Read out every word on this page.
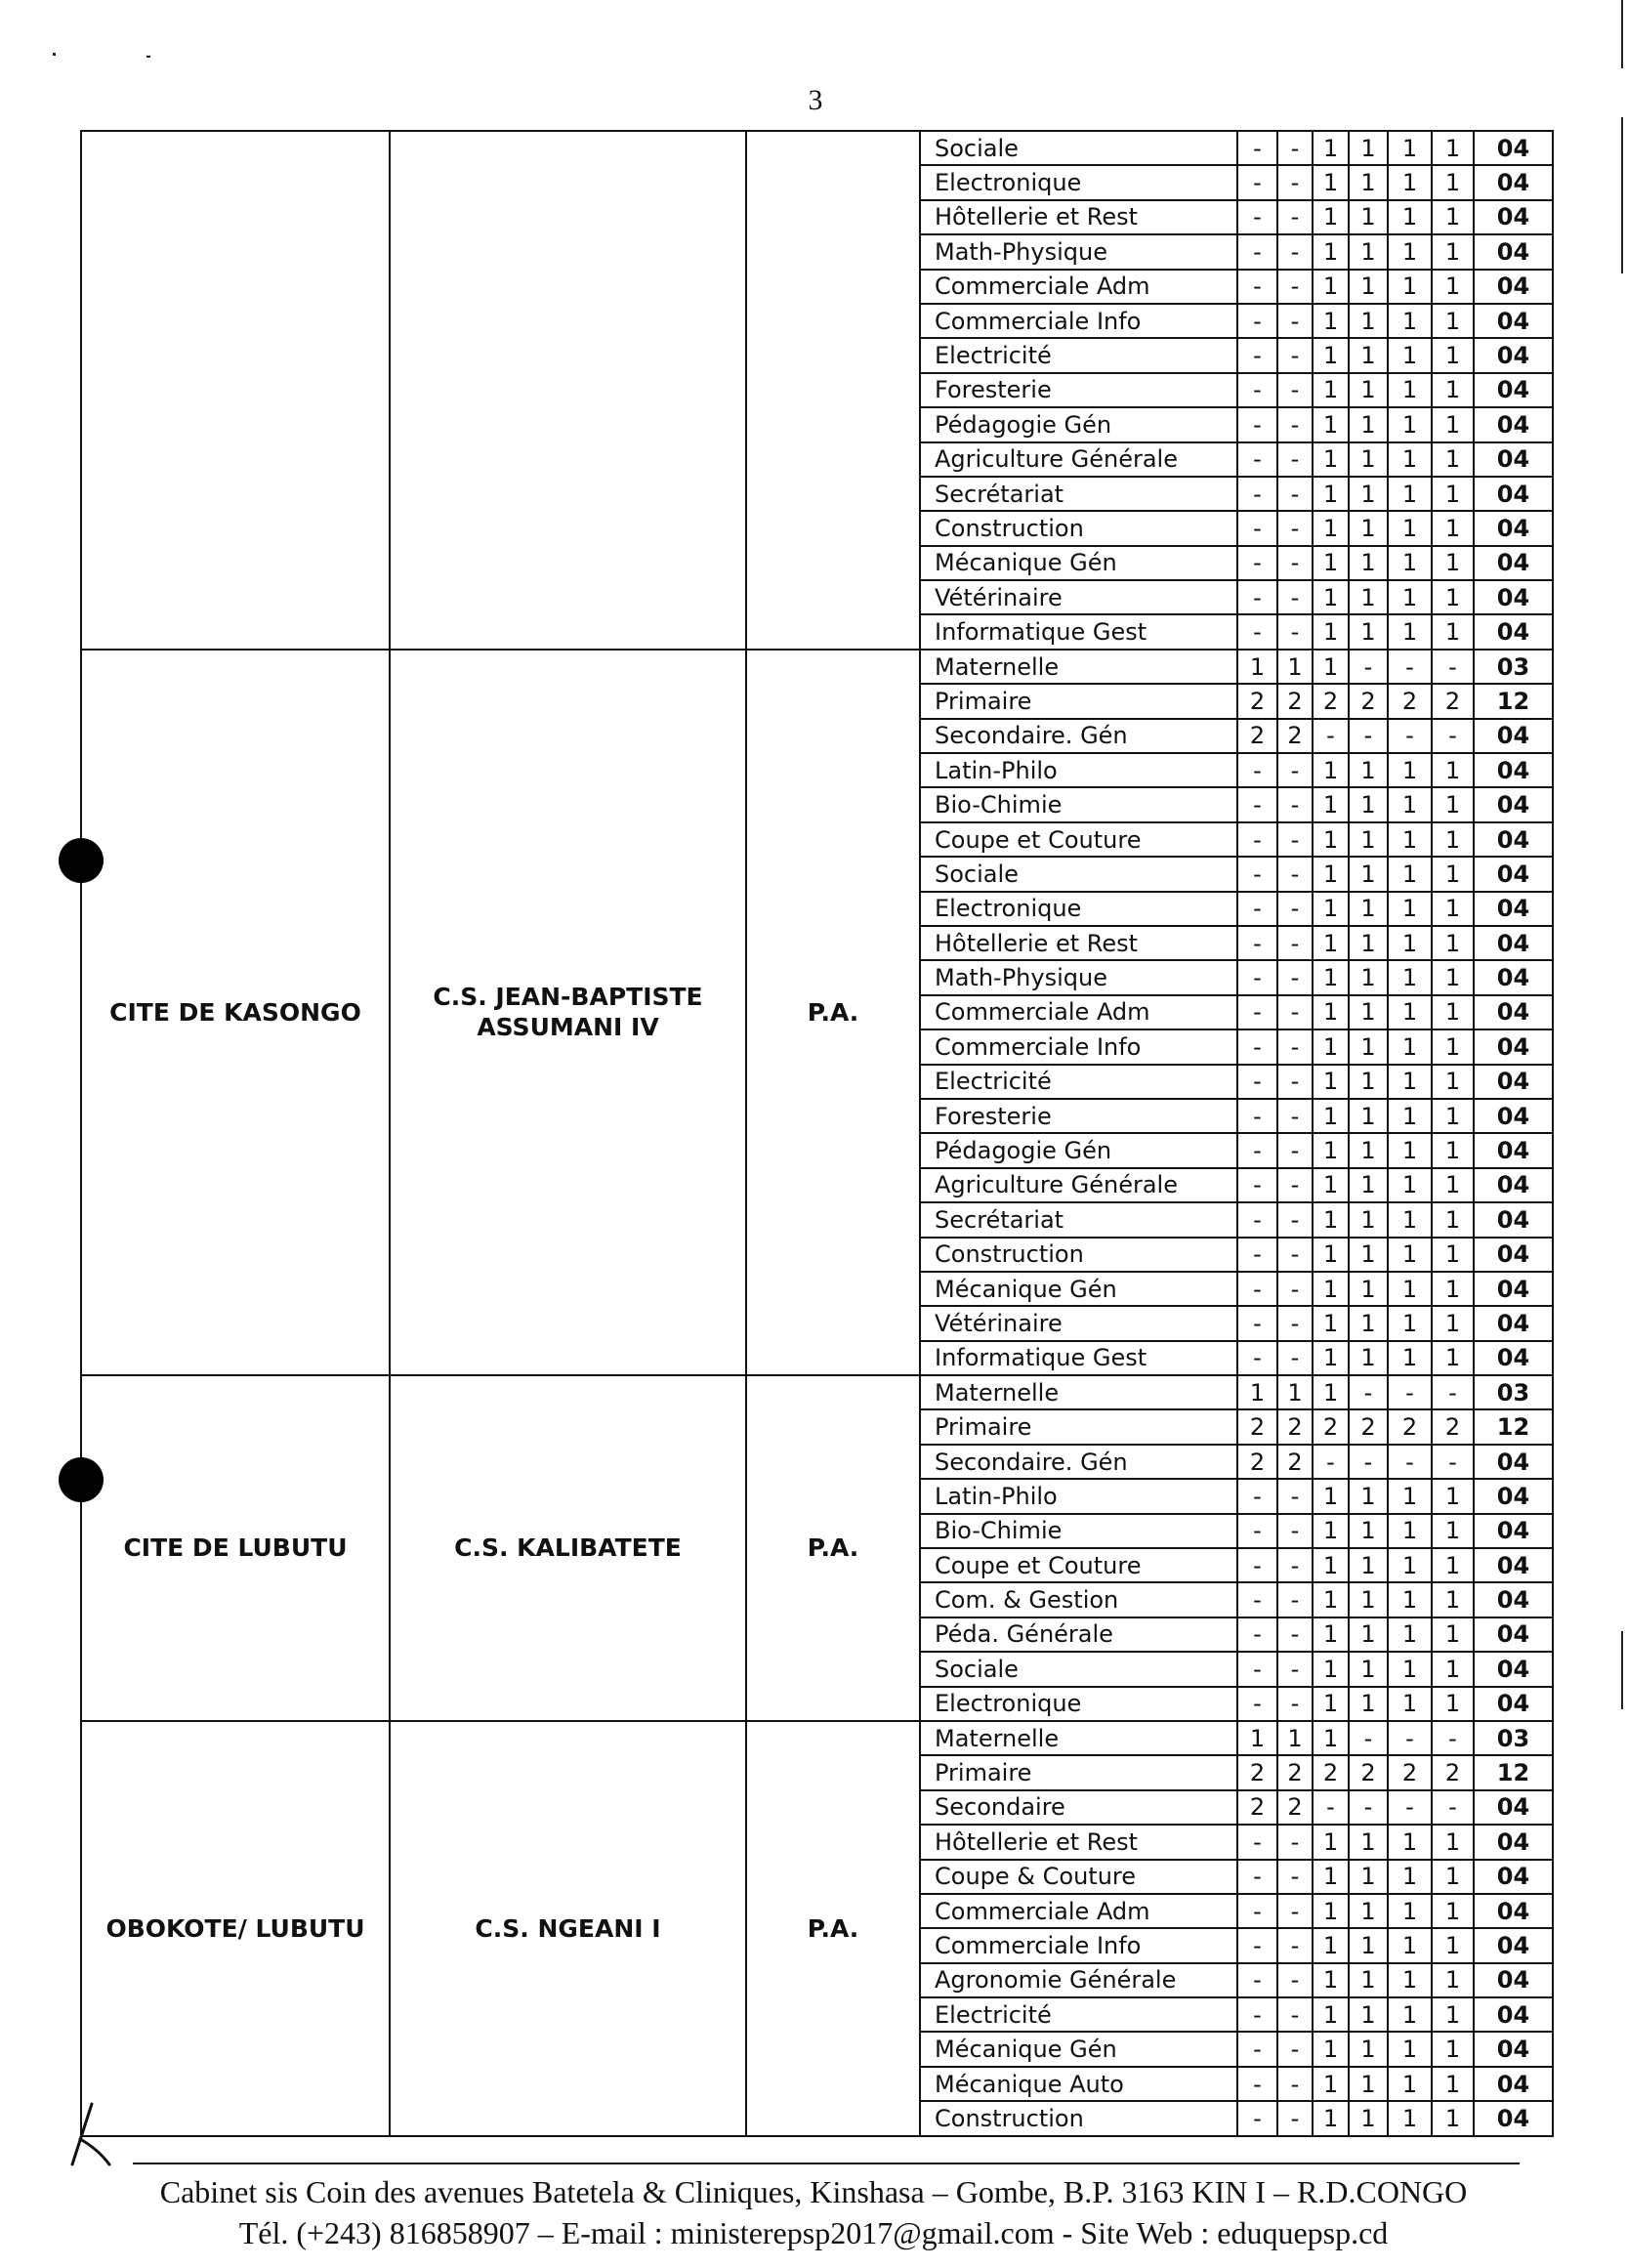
3
			Sociale	-	-	1	1	1	1	04
			Electronique	-	-	1	1	1	1	04
			Hôtellerie et Rest	-	-	1	1	1	1	04
			Math-Physique	-	-	1	1	1	1	04
			Commerciale Adm	-	-	1	1	1	1	04
			Commerciale Info	-	-	1	1	1	1	04
			Electricité	-	-	1	1	1	1	04
			Foresterie	-	-	1	1	1	1	04
			Pédagogie Gén	-	-	1	1	1	1	04
			Agriculture Générale	-	-	1	1	1	1	04
			Secrétariat	-	-	1	1	1	1	04
			Construction	-	-	1	1	1	1	04
			Mécanique Gén	-	-	1	1	1	1	04
			Vétérinaire	-	-	1	1	1	1	04
			Informatique Gest	-	-	1	1	1	1	04
CITE DE KASONGO	C.S. JEAN-BAPTISTE ASSUMANI IV	P.A.	Maternelle	1	1	1	-	-	-	03
			Primaire	2	2	2	2	2	2	12
			Secondaire. Gén	2	2	-	-	-	-	04
			Latin-Philo	-	-	1	1	1	1	04
			Bio-Chimie	-	-	1	1	1	1	04
			Coupe et Couture	-	-	1	1	1	1	04
			Sociale	-	-	1	1	1	1	04
			Electronique	-	-	1	1	1	1	04
			Hôtellerie et Rest	-	-	1	1	1	1	04
			Math-Physique	-	-	1	1	1	1	04
			Commerciale Adm	-	-	1	1	1	1	04
			Commerciale Info	-	-	1	1	1	1	04
			Electricité	-	-	1	1	1	1	04
			Foresterie	-	-	1	1	1	1	04
			Pédagogie Gén	-	-	1	1	1	1	04
			Agriculture Générale	-	-	1	1	1	1	04
			Secrétariat	-	-	1	1	1	1	04
			Construction	-	-	1	1	1	1	04
			Mécanique Gén	-	-	1	1	1	1	04
			Vétérinaire	-	-	1	1	1	1	04
			Informatique Gest	-	-	1	1	1	1	04
CITE DE LUBUTU	C.S. KALIBATETE	P.A.	Maternelle	1	1	1	-	-	-	03
			Primaire	2	2	2	2	2	2	12
			Secondaire. Gén	2	2	-	-	-	-	04
			Latin-Philo	-	-	1	1	1	1	04
			Bio-Chimie	-	-	1	1	1	1	04
			Coupe et Couture	-	-	1	1	1	1	04
			Com. & Gestion	-	-	1	1	1	1	04
			Péda. Générale	-	-	1	1	1	1	04
			Sociale	-	-	1	1	1	1	04
			Electronique	-	-	1	1	1	1	04
OBOKOTE/ LUBUTU	C.S. NGEANI I	P.A.	Maternelle	1	1	1	-	-	-	03
			Primaire	2	2	2	2	2	2	12
			Secondaire	2	2	-	-	-	-	04
			Hôtellerie et Rest	-	-	1	1	1	1	04
			Coupe & Couture	-	-	1	1	1	1	04
			Commerciale Adm	-	-	1	1	1	1	04
			Commerciale Info	-	-	1	1	1	1	04
			Agronomie Générale	-	-	1	1	1	1	04
			Electricité	-	-	1	1	1	1	04
			Mécanique Gén	-	-	1	1	1	1	04
			Mécanique Auto	-	-	1	1	1	1	04
			Construction	-	-	1	1	1	1	04
Cabinet sis Coin des avenues Batetela & Cliniques, Kinshasa – Gombe, B.P. 3163 KIN I – R.D.CONGO
Tél. (+243) 816858907 – E-mail : ministerepsp2017@gmail.com - Site Web : eduquepsp.cd
